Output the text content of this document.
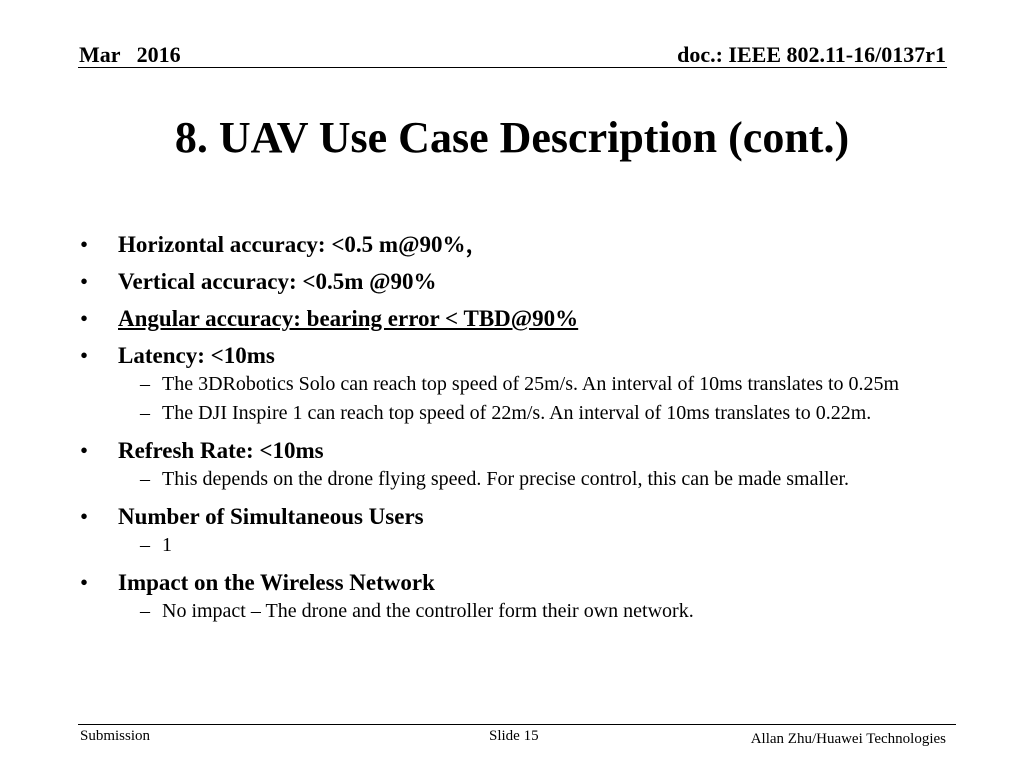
Mar   2016	doc.: IEEE 802.11-16/0137r1
8. UAV Use Case Description (cont.)
• Horizontal accuracy: <0.5 m@90%，
• Vertical accuracy: <0.5m @90%
• Angular accuracy: bearing error < TBD@90%
• Latency: <10ms
– The 3DRobotics Solo can reach top speed of 25m/s. An interval of 10ms translates to 0.25m
– The DJI Inspire 1 can reach top speed of 22m/s. An interval of 10ms translates to 0.22m.
• Refresh Rate: <10ms
– This depends on the drone flying speed. For precise control, this can be made smaller.
• Number of Simultaneous Users
– 1
• Impact on the Wireless Network
– No impact – The drone and the controller form their own network.
Submission	Slide 15	Allan Zhu/Huawei Technologies
